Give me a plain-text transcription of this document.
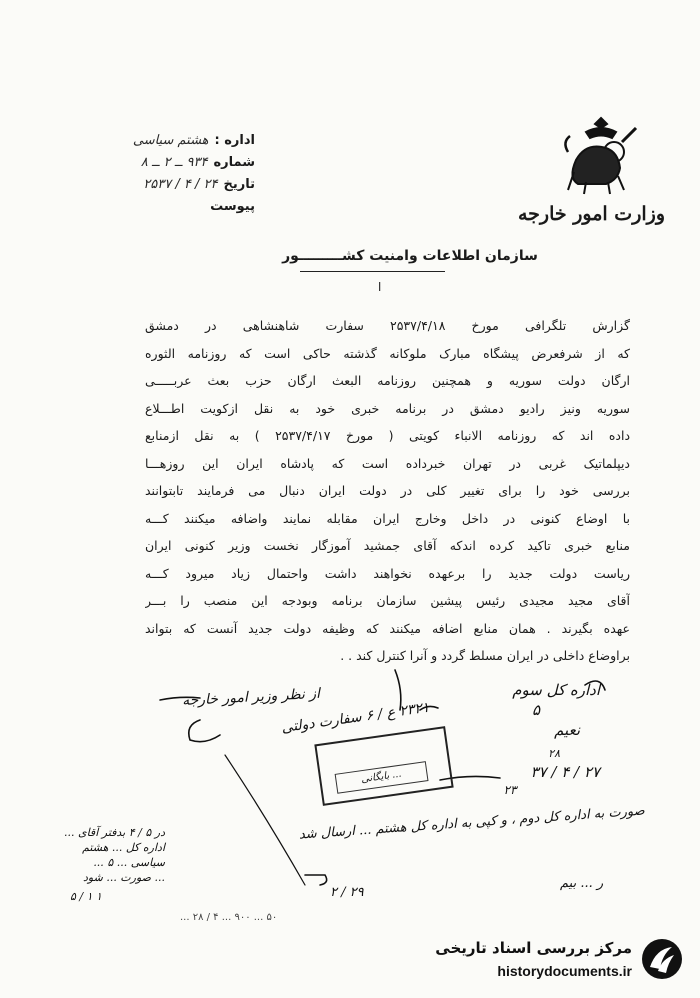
وزارت امور خارجه
اداره :
هشتم سیاسی
شماره
۹۳۴ ــ ۲ ــ ۸
تاریخ
۲۴ / ۴ / ۲۵۳۷
پیوست
سازمان اطلاعات وامنیت کشـــــــــور
ا
گزارش تلگرافی مورخ ۲۵۳۷/۴/۱۸ سفارت شاهنشاهی در دمشق
که از شرفعرض پیشگاه مبارک ملوکانه گذشته حاکی است که روزنامه الثوره
ارگان دولت سوریه و همچنین روزنامه البعث ارگان حزب بعث عربـــــی
سوریه ونیز رادیو دمشق در برنامه خبری خود به نقل ازکویت اطـــلاع
داده اند که روزنامه الانباء کویتی ( مورخ ۲۵۳۷/۴/۱۷ ) به نقل ازمنابع
دیپلماتیک غربی در تهران خبرداده است که پادشاه ایران این روزهـــا
بررسی خود را برای تغییر کلی در دولت ایران دنبال می فرمایند تابتوانند
با اوضاع کنونی در داخل وخارج ایران مقابله نمایند واضافه میکنند کـــه
منابع خبری تاکید کرده اندکه آقای جمشید آموزگار نخست وزیر کنونی ایران
ریاست دولت جدید را برعهده نخواهند داشت واحتمال زیاد میرود کـــه
آقای مجید مجیدی رئیس پیشین سازمان برنامه وبودجه این منصب را بـــر
عهده بگیرند . همان منابع اضافه میکنند که وظیفه دولت جدید آنست که بتواند
براوضاع داخلی در ایران مسلط گردد و آنرا کنترل کند . .
اداره کل سوم
۵
نعیم
از نظر وزیر امور خارجه
۲۳۲۱ ع / ۶ سفارت دولتی
بایگانی ...
۲۸
۲۷ / ۴ / ۳۷
۲۳
صورت به اداره کل دوم ، و کپی به اداره کل هشتم ... ارسال شد
در ۵ / ۴ بدفتر آقای ...
اداره کل ... هشتم
سیاسی ... ۵ ...
... صورت ... شود
۵ / ۱ ۱
ر ... بیم
۲ / ۲۹
... ۲۸ / ۴ ... ۹۰۰ ... ۵۰
مرکز بررسی اسناد تاریخی
historydocuments.ir
